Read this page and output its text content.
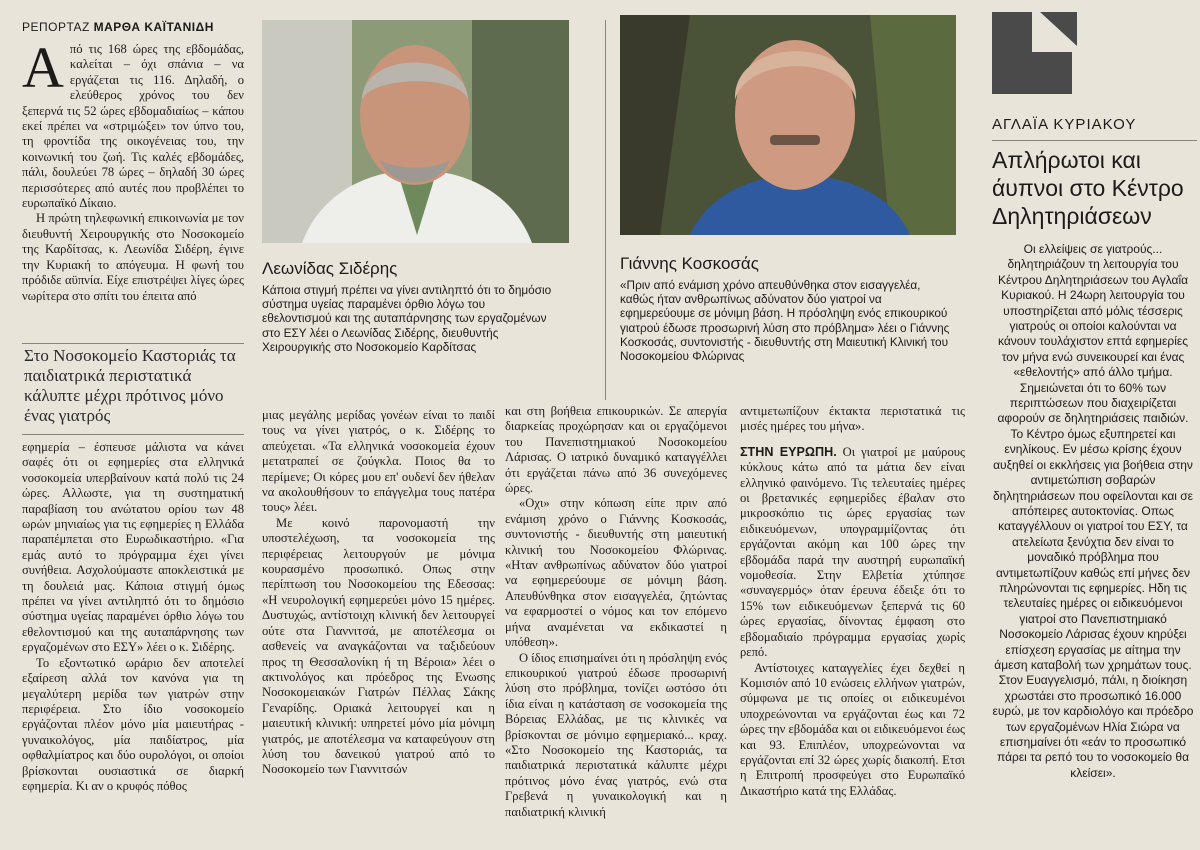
ΡΕΠΟΡΤΑΖ ΜΑΡΘΑ ΚΑΪΤΑΝΙΔΗ

Από τις 168 ώρες της εβδομάδας, καλείται – όχι σπάνια – να εργάζεται τις 116. Δηλαδή, ο ελεύθερος χρόνος του δεν ξεπερνά τις 52 ώρες εβδομαδιαίως – κάπου εκεί πρέπει να «στριμώξει» τον ύπνο του, τη φροντίδα της οικογένειας του, την κοινωνική του ζωή. Τις καλές εβδομάδες, πάλι, δουλεύει 78 ώρες – δηλαδή 30 ώρες περισσότερες από αυτές που προβλέπει το ευρωπαϊκό Δίκαιο.

Η πρώτη τηλεφωνική επικοινωνία με τον διευθυντή Χειρουργικής στο Νοσοκομείο της Καρδίτσας, κ. Λεωνίδα Σιδέρη, έγινε την Κυριακή το απόγευμα. Η φωνή του πρόδιδε αϋπνία. Είχε επιστρέψει λίγες ώρες νωρίτερα στο σπίτι του έπειτα από

Στο Νοσοκομείο Καστοριάς τα παιδιατρικά περιστατικά κάλυπτε μέχρι πρότινος μόνο ένας γιατρός

εφημερία – έσπευσε μάλιστα να κάνει σαφές ότι οι εφημερίες στα ελληνικά νοσοκομεία υπερβαίνουν κατά πολύ τις 24 ώρες. Αλλωστε, για τη συστηματική παραβίαση του ανώτατου ορίου των 48 ωρών μηνιαίως για τις εφημερίες η Ελλάδα παραπέμπεται στο Ευρωδικαστήριο. «Για εμάς αυτό το πρόγραμμα έχει γίνει συνήθεια. Ασχολούμαστε αποκλειστικά με τη δουλειά μας. Κάποια στιγμή όμως πρέπει να γίνει αντιληπτό ότι το δημόσιο σύστημα υγείας παραμένει όρθιο λόγω του εθελοντισμού και της αυταπάρνησης των εργαζομένων στο ΕΣΥ» λέει ο κ. Σιδέρης.

Το εξοντωτικό ωράριο δεν αποτελεί εξαίρεση αλλά τον κανόνα για τη μεγαλύτερη μερίδα των γιατρών στην περιφέρεια. Στο ίδιο νοσοκομείο εργάζονται πλέον μόνο μία μαιευτήρας - γυναικολόγος, μία παιδίατρος, μία οφθαλμίατρος και δύο ουρολόγοι, οι οποίοι βρίσκονται ουσιαστικά σε διαρκή εφημερία. Κι αν ο κρυφός πόθος

Λεωνίδας Σιδέρης
Κάποια στιγμή πρέπει να γίνει αντιληπτό ότι το δημόσιο σύστημα υγείας παραμένει όρθιο λόγω του εθελοντισμού και της αυταπάρνησης των εργαζομένων στο ΕΣΥ λέει ο Λεωνίδας Σιδέρης, διευθυντής Χειρουργικής στο Νοσοκομείο Καρδίτσας
Γιάννης Κοσκοσάς
«Πριν από ενάμιση χρόνο απευθύνθηκα στον εισαγγελέα, καθώς ήταν ανθρωπίνως αδύνατον δύο γιατροί να εφημερεύουμε σε μόνιμη βάση. Η πρόσληψη ενός επικουρικού γιατρού έδωσε προσωρινή λύση στο πρόβλημα» λέει ο Γιάννης Κοσκοσάς, συντονιστής - διευθυντής στη Μαιευτική Κλινική του Νοσοκομείου Φλώρινας

μιας μεγάλης μερίδας γονέων είναι το παιδί τους να γίνει γιατρός, ο κ. Σιδέρης το απεύχεται. «Τα ελληνικά νοσοκομεία έχουν μετατραπεί σε ζούγκλα. Ποιος θα το περίμενε; Οι κόρες μου επ' ουδενί δεν ήθελαν να ακολουθήσουν το επάγγελμα τους πατέρα τους» λέει.

Με κοινό παρονομαστή την υποστελέχωση, τα νοσοκομεία της περιφέρειας λειτουργούν με μόνιμα κουρασμένο προσωπικό. Οπως στην περίπτωση του Νοσοκομείου της Εδεσσας: «Η νευρολογική εφημερεύει μόνο 15 ημέρες. Δυστυχώς, αντίστοιχη κλινική δεν λειτουργεί ούτε στα Γιαννιτσά, με αποτέλεσμα οι ασθενείς να αναγκάζονται να ταξιδεύουν προς τη Θεσσαλονίκη ή τη Βέροια» λέει ο ακτινολόγος και πρόεδρος της Ενωσης Νοσοκομειακών Γιατρών Πέλλας Σάκης Γεναρίδης. Οριακά λειτουργεί και η μαιευτική κλινική: υπηρετεί μόνο μία μόνιμη γιατρός, με αποτέλεσμα να καταφεύγουν στη λύση του δανεικού γιατρού από το Νοσοκομείο των Γιαννιτσών

και στη βοήθεια επικουρικών. Σε απεργία διαρκείας προχώρησαν και οι εργαζόμενοι του Πανεπιστημιακού Νοσοκομείου Λάρισας. Ο ιατρικό δυναμικό καταγγέλλει ότι εργάζεται πάνω από 36 συνεχόμενες ώρες.

«Οχι» στην κόπωση είπε πριν από ενάμιση χρόνο ο Γιάννης Κοσκοσάς, συντονιστής - διευθυντής στη μαιευτική κλινική του Νοσοκομείου Φλώρινας. «Ηταν ανθρωπίνως αδύνατον δύο γιατροί να εφημερεύουμε σε μόνιμη βάση. Απευθύνθηκα στον εισαγγελέα, ζητώντας να εφαρμοστεί ο νόμος και τον επόμενο μήνα αναμένεται να εκδικαστεί η υπόθεση».

Ο ίδιος επισημαίνει ότι η πρόσληψη ενός επικουρικού γιατρού έδωσε προσωρινή λύση στο πρόβλημα, τονίζει ωστόσο ότι ίδια είναι η κατάσταση σε νοσοκομεία της Βόρειας Ελλάδας, με τις κλινικές να βρίσκονται σε μόνιμο εφημεριακό... κραχ. «Στο Νοσοκομείο της Καστοριάς, τα παιδιατρικά περιστατικά κάλυπτε μέχρι πρότινος μόνο ένας γιατρός, ενώ στα Γρεβενά η γυναικολογική και η παιδιατρική κλινική

αντιμετωπίζουν έκτακτα περιστατικά τις μισές ημέρες του μήνα».

ΣΤΗΝ ΕΥΡΩΠΗ. Οι γιατροί με μαύρους κύκλους κάτω από τα μάτια δεν είναι ελληνικό φαινόμενο. Τις τελευταίες ημέρες οι βρετανικές εφημερίδες έβαλαν στο μικροσκόπιο τις ώρες εργασίας των ειδικευόμενων, υπογραμμίζοντας ότι εργάζονται ακόμη και 100 ώρες την εβδομάδα παρά την αυστηρή ευρωπαϊκή νομοθεσία. Στην Ελβετία χτύπησε «συναγερμός» όταν έρευνα έδειξε ότι το 15% των ειδικευόμενων ξεπερνά τις 60 ώρες εργασίας, δίνοντας έμφαση στο εβδομαδιαίο πρόγραμμα εργασίας χωρίς ρεπό.

Αντίστοιχες καταγγελίες έχει δεχθεί η Κομισιόν από 10 ενώσεις ελλήνων γιατρών, σύμφωνα με τις οποίες οι ειδικευμένοι υποχρεώνονται να εργάζονται έως και 72 ώρες την εβδομάδα και οι ειδικευόμενοι έως και 93. Επιπλέον, υποχρεώνονται να εργάζονται επί 32 ώρες χωρίς διακοπή. Ετσι η Επιτροπή προσφεύγει στο Ευρωπαϊκό Δικαστήριο κατά της Ελλάδας.

ΑΓΛΑΪΑ ΚΥΡΙΑΚΟΥ
Απλήρωτοι και άυπνοι στο Κέντρο Δηλητηριάσεων
Οι ελλείψεις σε γιατρούς... δηλητηριάζουν τη λειτουργία του Κέντρου Δηλητηριάσεων του Αγλαΐα Κυριακού. Η 24ωρη λειτουργία του υποστηρίζεται από μόλις τέσσερις γιατρούς οι οποίοι καλούνται να κάνουν τουλάχιστον επτά εφημερίες τον μήνα ενώ συνεικουρεί και ένας «εθελοντής» από άλλο τμήμα. Σημειώνεται ότι το 60% των περιπτώσεων που διαχειρίζεται αφορούν σε δηλητηριάσεις παιδιών. Το Κέντρο όμως εξυπηρετεί και ενηλίκους. Εν μέσω κρίσης έχουν αυξηθεί οι εκκλήσεις για βοήθεια στην αντιμετώπιση σοβαρών δηλητηριάσεων που οφείλονται και σε απόπειρες αυτοκτονίας. Οπως καταγγέλλουν οι γιατροί του ΕΣΥ, τα ατελείωτα ξενύχτια δεν είναι το μοναδικό πρόβλημα που αντιμετωπίζουν καθώς επί μήνες δεν πληρώνονται τις εφημερίες. Ηδη τις τελευταίες ημέρες οι ειδικευόμενοι γιατροί στο Πανεπιστημιακό Νοσοκομείο Λάρισας έχουν κηρύξει επίσχεση εργασίας με αίτημα την άμεση καταβολή των χρημάτων τους. Στον Ευαγγελισμό, πάλι, η διοίκηση χρωστάει στο προσωπικό 16.000 ευρώ, με τον καρδιολόγο και πρόεδρο των εργαζομένων Ηλία Σιώρα να επισημαίνει ότι «εάν το προσωπικό πάρει τα ρεπό του το νοσοκομείο θα κλείσει».
